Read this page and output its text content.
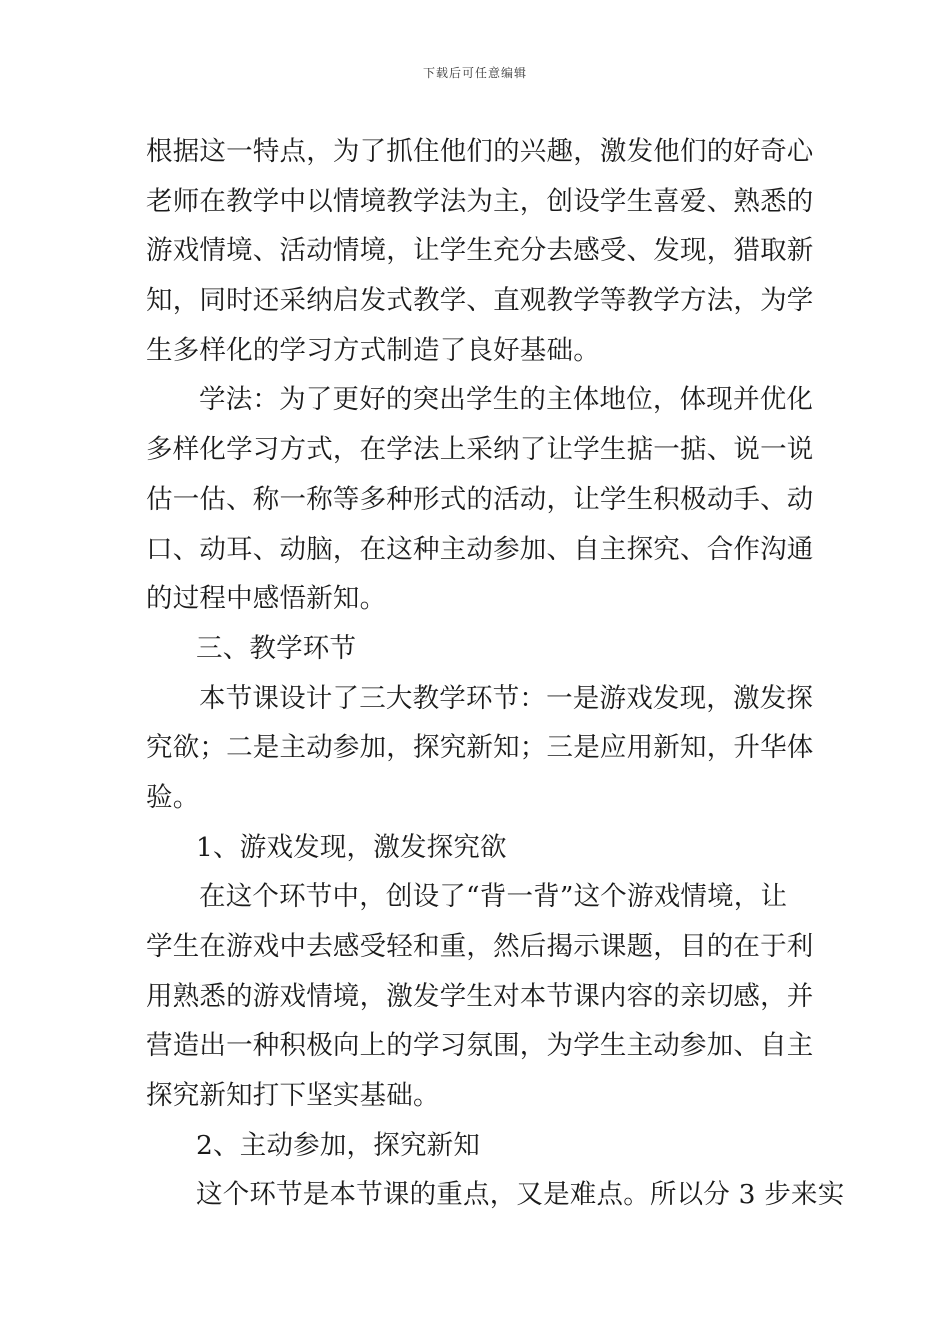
下载后可任意编辑
根据这一特点，为了抓住他们的兴趣，激发他们的好奇心
老师在教学中以情境教学法为主，创设学生喜爱、熟悉的
游戏情境、活动情境，让学生充分去感受、发现，猎取新
知，同时还采纳启发式教学、直观教学等教学方法，为学
生多样化的学习方式制造了良好基础。
学法：为了更好的突出学生的主体地位，体现并优化
多样化学习方式，在学法上采纳了让学生掂一掂、说一说
估一估、称一称等多种形式的活动，让学生积极动手、动
口、动耳、动脑，在这种主动参加、自主探究、合作沟通
的过程中感悟新知。
三、教学环节
本节课设计了三大教学环节：一是游戏发现，激发探
究欲；二是主动参加，探究新知；三是应用新知，升华体
验。
1、游戏发现，激发探究欲
在这个环节中，创设了“背一背”这个游戏情境，让
学生在游戏中去感受轻和重，然后揭示课题，目的在于利
用熟悉的游戏情境，激发学生对本节课内容的亲切感，并
营造出一种积极向上的学习氛围，为学生主动参加、自主
探究新知打下坚实基础。
2、主动参加，探究新知
这个环节是本节课的重点，又是难点。所以分 3 步来实
